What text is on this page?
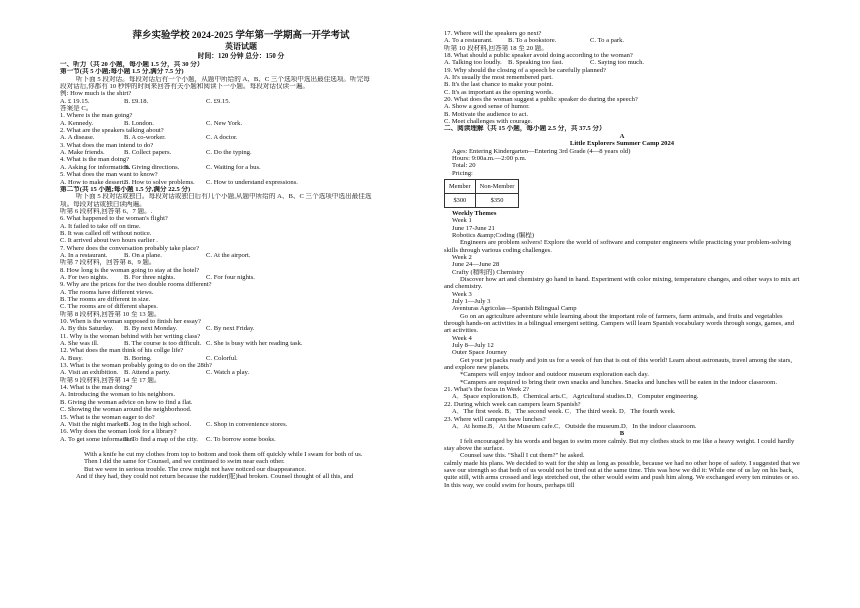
萍乡实验学校 2024-2025 学年第一学期高一开学考试
英语试题
时间：120 分钟 总分：150 分
一、听力（共 20 小题，每小题 1.5 分，共 30 分）
第一节(共 5 小题;每小题 1.5 分,满分 7.5 分)
听下面 5 段对话。每段对话后有一个小题，从题中所给的 A、B、C 三个选项中选出最佳选项。听完每
段对话后,你都有 10 秒钟的时间来回答有关小题和阅读下一小题。每段对话仅读一遍。
例: How much is the shirt?
A. £ 19.15.	B. £9.18.	C. £9.15.
答案是 C。
1. Where is the man going?
A. Kennedy.	B. London.	C. New York.
2. What are the speakers talking about?
A. A disease.	B. A co-worker.	C. A doctor.
3. What does the man intend to do?
A. Make friends.	B. Collect papers.	C. Do the typing.
4. What is the man doing?
A. Asking for information.
B. Giving directions.	C. Waiting for a bus.
5. What does the man want to know?
A. How to make dessert.
B. How to solve problems.	C. How to understand expressions.
第二节(共 15 小题;每小题 1.5 分,满分 22.5 分)
听下面 5 段对话或独白。每段对话或独白后有几个小题,从题中所给的 A、B、C 三个选项中选出最佳选
项。每段对话或独白读两遍。
听第 6 段材料,回答第 6、7 题。.
6. What happened to the woman's flight?
A. It failed to take off on time.
B. It was called off without notice.
C. It arrived about two hours earlier .
7. Where does the conversation probably take place?
A. In a restaurant.	B. On a plane.	C. At the airport.
听第 7 段材料，回答第 8、9 题。
8. How long is the woman going to stay at the hotel?
A. For two nights.	B. For three nights.	C. For four nights.
9. Why are the prices for the two double rooms different?
A. The rooms have different views.
B. The rooms are different in size.
C. The rooms are of different shapes.
听第 8 段材料,回答第 10 至 13 题。
10. When is the woman supposed to finish her essay?
A. By this Saturday.	B. By next Monday.	C. By next Friday.
11. Why is the woman behind with her writing class?
A. She was ill.	B. The course is too difficult. C. She is busy with her reading task.
12. What does the man think of his collge life?
A. Busy.	B. Boring.	C. Colorful.
13. What is the woman probably going to do on the 28th?
A. Visit an exhibition. B. Attend a party.	C. Watch a play.
听第 9 段材料,回答第 14 至 17 题。
14. What is the man doing?
A. Introducing the woman to his neighbors.
B. Giving the woman advice on how to find a flat.
C. Showing the woman around the neighborhood.
15. What is the woman eager to do?
A. Visit the night market.
B. Jog in the high school.	C. Shop in convenience stores.
16. Why does the woman look for a library?
A. To get some information.
B. To find a map of the city.	C. To borrow some books.
With a knife he cut my clothes from top to bottom and took them off quickly while I swam for both of us.
Then I did the same for Counsel, and we continued to swim near each other.
But we were in serious trouble. The crew might not have noticed our disappearance.
And if they had, they could not return because the rudder(舵)had broken. Counsel thought of all this, and
17. Where will the speakers go next?
A. To a restaurant.	B. To a bookstore.	C. To a park.
听第 10 段材料,回答第 18 至 20 题。
18. What should a public speaker avoid doing according to the woman?
A. Talking too loudly. B. Speaking too fast.	C. Saying too much.
19. Why should the closing of a speech be carefully planned?
A. It's usually the most remembered part.
B. It's the last chance to make your point.
C. It's as important as the opening words.
20. What does the woman suggest a public speaker do during the speech?
A. Show a good sense of humor.
B. Motivate the audience to act.
C. Meet challenges with courage.
二、阅读理解（共 15 小题，每小题 2.5 分，共 37.5 分）
A
Little Explorers Summer Camp 2024
Ages: Entering Kindergarten—Entering 3rd Grade (4—8 years old)
Hours: 9:00a.m.—2:00 p.m.
Total: 20
Pricing:
Member	Non-Member
$300	$350
Weekly Themes
Week 1
June 17-June 21
Robotics &amp;Coding (编程)
Engineers are problem solvers! Explore the world of software and computer engineers while practicing your problem-solving skills through various coding challenges.
Week 2
June 24—June 28
Crafty (精明的) Chemistry
Discover how art and chemistry go hand in hand. Experiment with color mixing, temperature changes, and other ways to mix art and chemistry.
Week 3
July 1—July 3
Aventuras Agricolas—Spanish Bilingual Camp
Go on an agriculture adventure while learning about the important role of farmers, farm animals, and fruits and vegetables through hands-on activities in a bilingual emergent setting. Campers will learn Spanish vocabulary words through songs, games, and art activities.
Week 4
July 8—July 12
Outer Space Journey
Get your jet packs ready and join us for a week of fun that is out of this world! Learn about astronauts, travel among the stars, and explore new planets.
*Campers will enjoy indoor and outdoor museum exploration each day.
*Campers are required to bring their own snacks and lunches. Snacks and lunches will be eaten in the indoor classroom.
21. What’s the focus in Week 2?
A．Space exploration.B．Chemical arts.C．Agricultural studies.D．Computer engineering.
22. During which week can campers learn Spanish?
A．The first week. B．The second week. C．The third week. D．The fourth week.
23. Where will campers have lunches?
A．At home.B．At the Museum cafe.C．Outside the museum.D．In the indoor classroom.
B
I felt encouraged by his words and began to swim more calmly. But my clothes stuck to me like a heavy weight. I could hardly stay above the surface.
Counsel saw this. "Shall I cut them?" he asked.
calmly made his plans. We decided to wait for the ship as long as possible, because we had no other hope of safety. I suggested that we save our strength so that both of us would not be tired out at the same time. This was how we did it: While one of us lay on his back, quite still, with arms crossed and legs stretched out, the other would swim and push him along. We exchanged every ten minutes or so. In this way, we could swim for hours, perhaps till
